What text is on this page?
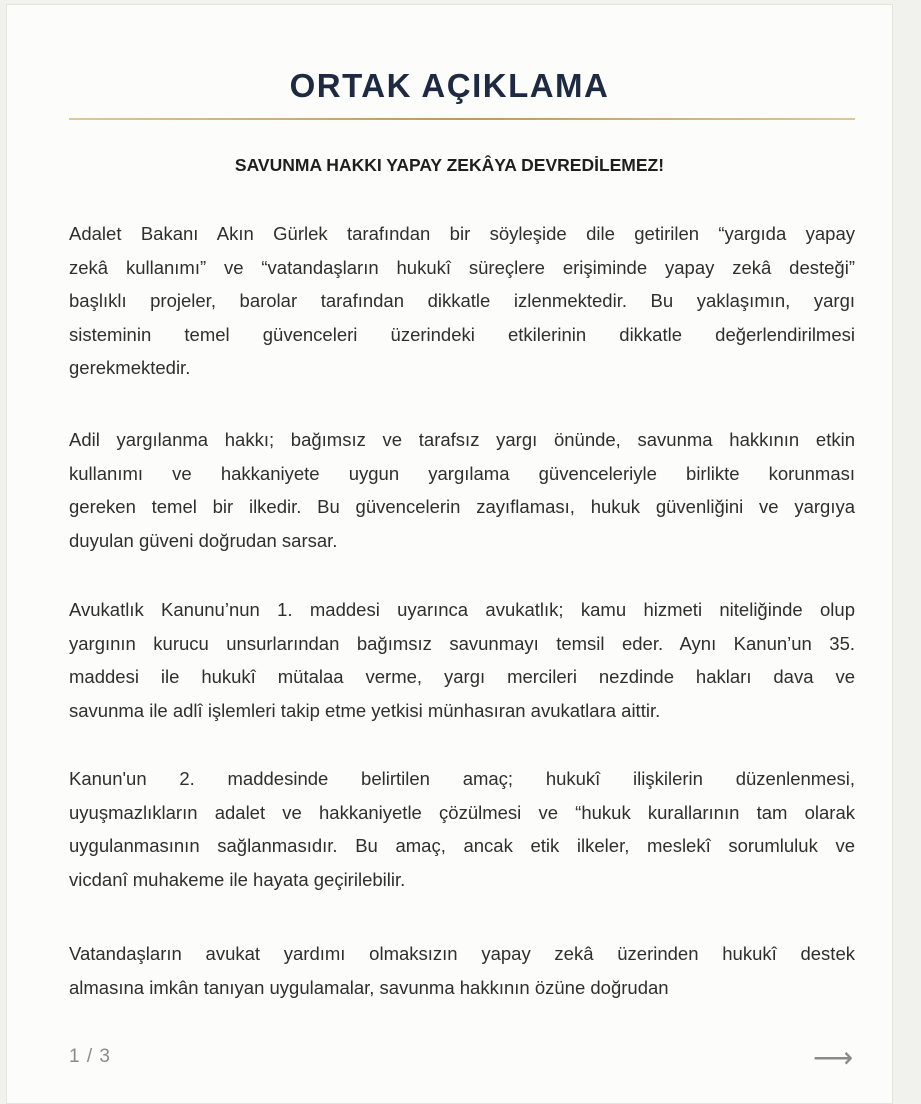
ORTAK AÇIKLAMA
SAVUNMA HAKKI YAPAY ZEKÂYA DEVREDİLEMEZ!
Adalet Bakanı Akın Gürlek tarafından bir söyleşide dile getirilen “yargıda yapay
zekâ kullanımı” ve “vatandaşların hukukî süreçlere erişiminde yapay zekâ desteği”
başlıklı projeler, barolar tarafından dikkatle izlenmektedir. Bu yaklaşımın, yargı
sisteminin temel güvenceleri üzerindeki etkilerinin dikkatle değerlendirilmesi
gerekmektedir.
Adil yargılanma hakkı; bağımsız ve tarafsız yargı önünde, savunma hakkının etkin
kullanımı ve hakkaniyete uygun yargılama güvenceleriyle birlikte korunması
gereken temel bir ilkedir. Bu güvencelerin zayıflaması, hukuk güvenliğini ve yargıya
duyulan güveni doğrudan sarsar.
Avukatlık Kanunu’nun 1. maddesi uyarınca avukatlık; kamu hizmeti niteliğinde olup
yargının kurucu unsurlarından bağımsız savunmayı temsil eder. Aynı Kanun’un 35.
maddesi ile hukukî mütalaa verme, yargı mercileri nezdinde hakları dava ve
savunma ile adlî işlemleri takip etme yetkisi münhasıran avukatlara aittir.
Kanun'un 2. maddesinde belirtilen amaç; hukukî ilişkilerin düzenlenmesi,
uyuşmazlıkların adalet ve hakkaniyetle çözülmesi ve “hukuk kurallarının tam olarak
uygulanmasının sağlanmasıdır. Bu amaç, ancak etik ilkeler, meslekî sorumluluk ve
vicdanî muhakeme ile hayata geçirilebilir.
Vatandaşların avukat yardımı olmaksızın yapay zekâ üzerinden hukukî destek
almasına imkân tanıyan uygulamalar, savunma hakkının özüne doğrudan
1 / 3	⟶
